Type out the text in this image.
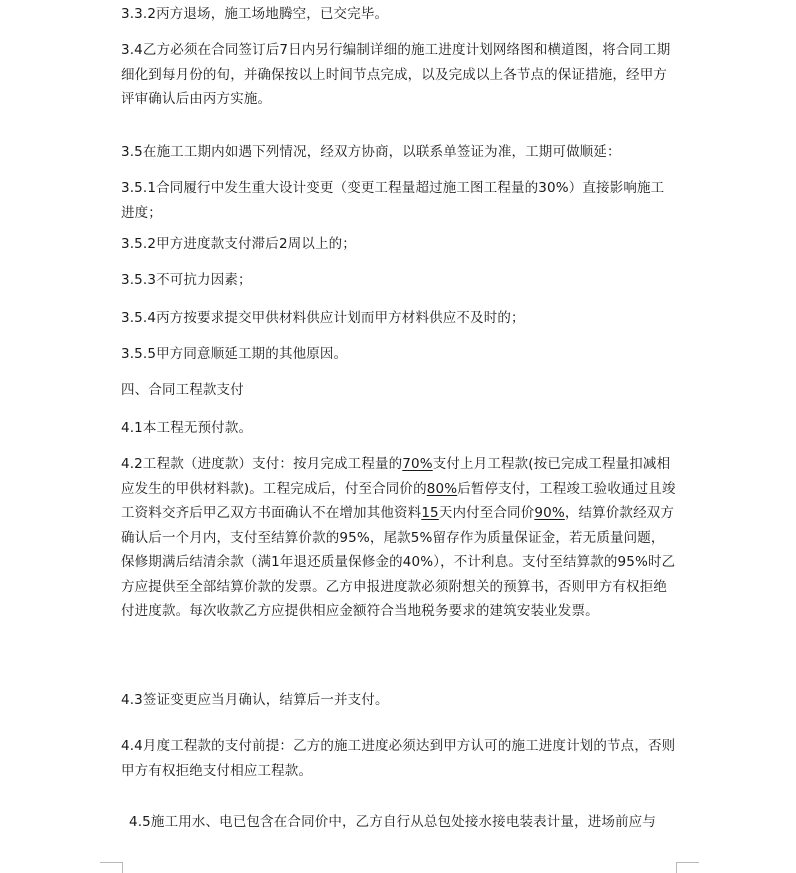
3.3.2丙方退场，施工场地腾空，已交完毕。

3.4乙方必须在合同签订后7日内另行编制详细的施工进度计划网络图和横道图，将合同工期细化到每月份的旬，并确保按以上时间节点完成，以及完成以上各节点的保证措施，经甲方评审确认后由丙方实施。

3.5在施工工期内如遇下列情况，经双方协商，以联系单签证为准，工期可做顺延：

3.5.1合同履行中发生重大设计变更（变更工程量超过施工图工程量的30%）直接影响施工进度；

3.5.2甲方进度款支付滞后2周以上的；

3.5.3不可抗力因素；

3.5.4丙方按要求提交甲供材料供应计划而甲方材料供应不及时的；

3.5.5甲方同意顺延工期的其他原因。

四、合同工程款支付

4.1本工程无预付款。

4.2工程款（进度款）支付：按月完成工程量的70%支付上月工程款(按已完成工程量扣减相应发生的甲供材料款)。工程完成后，付至合同价的80%后暂停支付，工程竣工验收通过且竣工资料交齐后甲乙双方书面确认不在增加其他资料15天内付至合同价90%，结算价款经双方确认后一个月内，支付至结算价款的95%，尾款5%留存作为质量保证金，若无质量问题，保修期满后结清余款（满1年退还质量保修金的40%），不计利息。支付至结算款的95%时乙方应提供至全部结算价款的发票。乙方申报进度款必须附想关的预算书，否则甲方有权拒绝付进度款。每次收款乙方应提供相应金额符合当地税务要求的建筑安装业发票。

4.3签证变更应当月确认，结算后一并支付。

4.4月度工程款的支付前提：乙方的施工进度必须达到甲方认可的施工进度计划的节点，否则甲方有权拒绝支付相应工程款。

4.5施工用水、电已包含在合同价中，乙方自行从总包处接水接电装表计量，进场前应与
